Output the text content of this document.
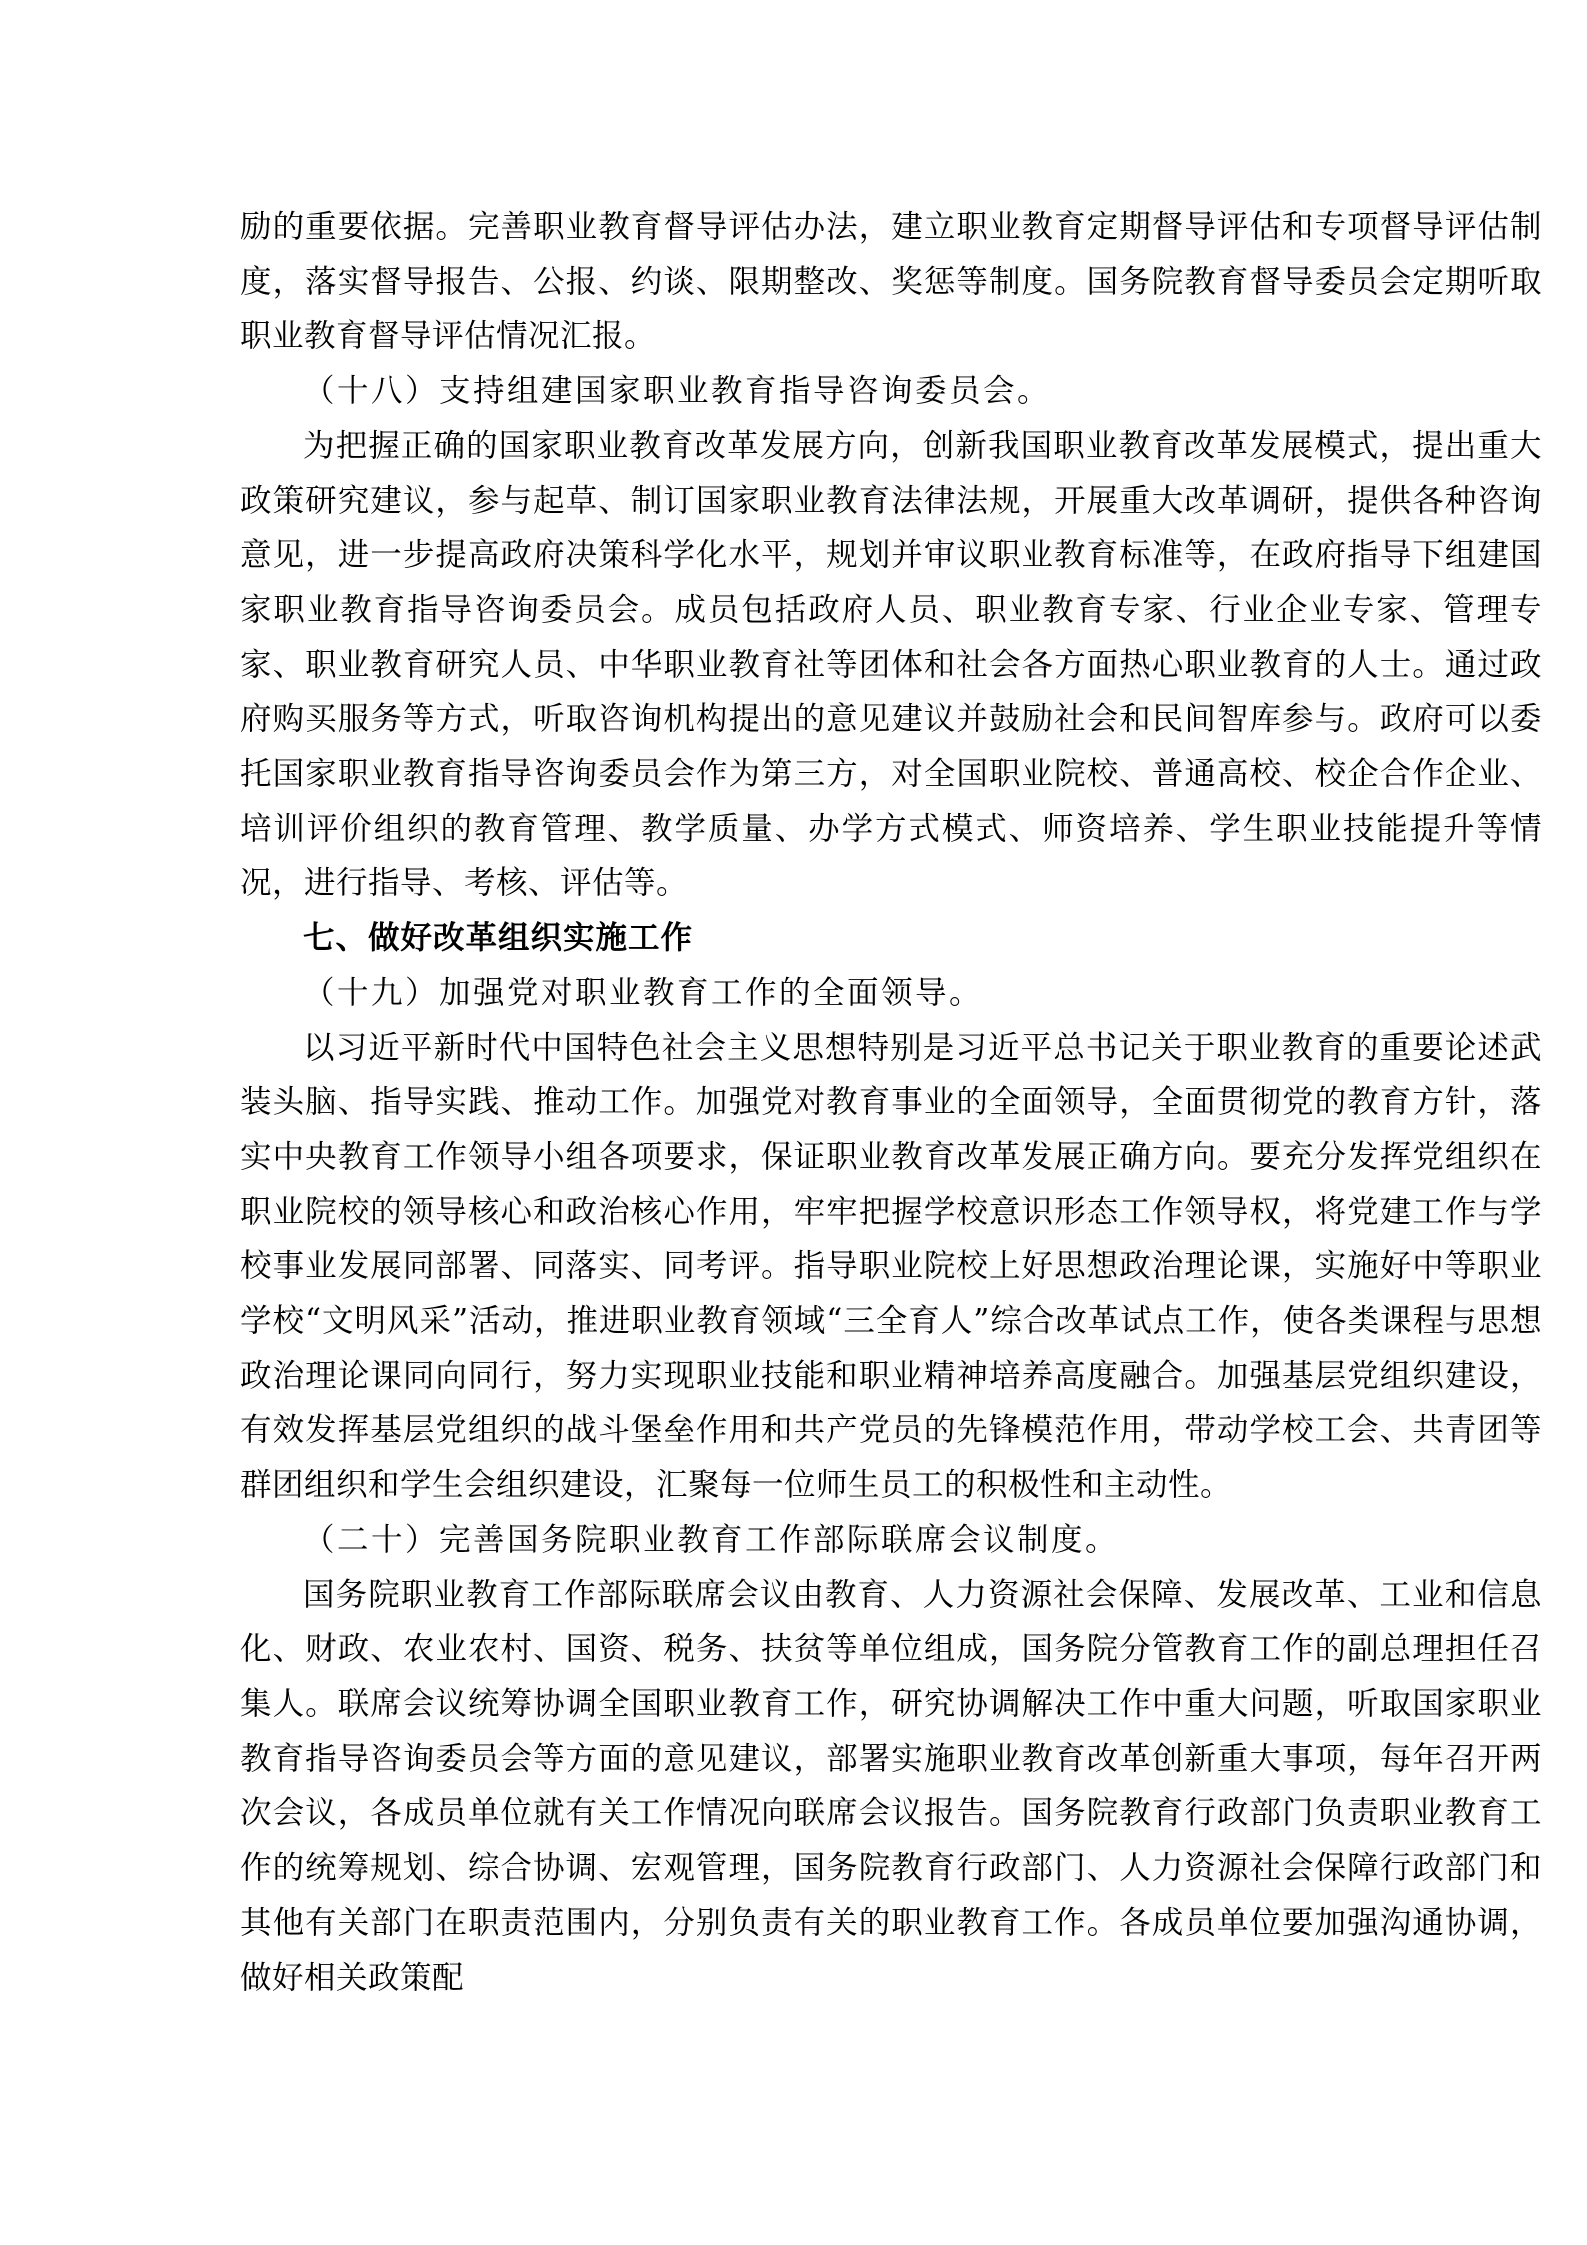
励的重要依据。完善职业教育督导评估办法，建立职业教育定期督导评估和专项督导评估制度，落实督导报告、公报、约谈、限期整改、奖惩等制度。国务院教育督导委员会定期听取职业教育督导评估情况汇报。

（十八）支持组建国家职业教育指导咨询委员会。

为把握正确的国家职业教育改革发展方向，创新我国职业教育改革发展模式，提出重大政策研究建议，参与起草、制订国家职业教育法律法规，开展重大改革调研，提供各种咨询意见，进一步提高政府决策科学化水平，规划并审议职业教育标准等，在政府指导下组建国家职业教育指导咨询委员会。成员包括政府人员、职业教育专家、行业企业专家、管理专家、职业教育研究人员、中华职业教育社等团体和社会各方面热心职业教育的人士。通过政府购买服务等方式，听取咨询机构提出的意见建议并鼓励社会和民间智库参与。政府可以委托国家职业教育指导咨询委员会作为第三方，对全国职业院校、普通高校、校企合作企业、培训评价组织的教育管理、教学质量、办学方式模式、师资培养、学生职业技能提升等情况，进行指导、考核、评估等。

七、做好改革组织实施工作

（十九）加强党对职业教育工作的全面领导。

以习近平新时代中国特色社会主义思想特别是习近平总书记关于职业教育的重要论述武装头脑、指导实践、推动工作。加强党对教育事业的全面领导，全面贯彻党的教育方针，落实中央教育工作领导小组各项要求，保证职业教育改革发展正确方向。要充分发挥党组织在职业院校的领导核心和政治核心作用，牢牢把握学校意识形态工作领导权，将党建工作与学校事业发展同部署、同落实、同考评。指导职业院校上好思想政治理论课，实施好中等职业学校“文明风采”活动，推进职业教育领域“三全育人”综合改革试点工作，使各类课程与思想政治理论课同向同行，努力实现职业技能和职业精神培养高度融合。加强基层党组织建设，有效发挥基层党组织的战斗堡垒作用和共产党员的先锋模范作用，带动学校工会、共青团等群团组织和学生会组织建设，汇聚每一位师生员工的积极性和主动性。

（二十）完善国务院职业教育工作部际联席会议制度。

国务院职业教育工作部际联席会议由教育、人力资源社会保障、发展改革、工业和信息化、财政、农业农村、国资、税务、扶贫等单位组成，国务院分管教育工作的副总理担任召集人。联席会议统筹协调全国职业教育工作，研究协调解决工作中重大问题，听取国家职业教育指导咨询委员会等方面的意见建议，部署实施职业教育改革创新重大事项，每年召开两次会议，各成员单位就有关工作情况向联席会议报告。国务院教育行政部门负责职业教育工作的统筹规划、综合协调、宏观管理，国务院教育行政部门、人力资源社会保障行政部门和其他有关部门在职责范围内，分别负责有关的职业教育工作。各成员单位要加强沟通协调，做好相关政策配
